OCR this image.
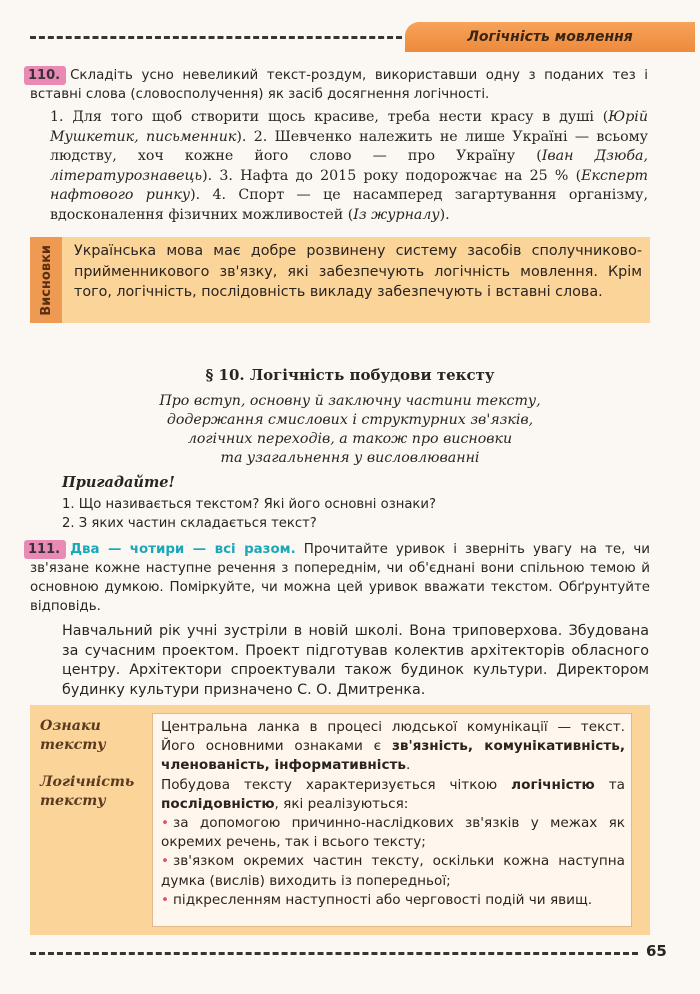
Логічність мовлення

110. Складіть усно невеликий текст-роздум, використавши одну з поданих тез і вставні слова (словосполучення) як засіб досягнення логічності.

1. Для того щоб створити щось красиве, треба нести красу в душі (Юрій Мушкетик, письменник). 2. Шевченко належить не лише Україні — всьому людству, хоч кожне його слово — про Україну (Іван Дзюба, літературознавець). 3. Нафта до 2015 року подорожчає на 25 % (Експерт нафтового ринку). 4. Спорт — це насамперед загартування організму, вдосконалення фізичних можливостей (Із журналу).

Висновки	Українська мова має добре розвинену систему засобів сполучниково-прийменникового зв'язку, які забезпечують логічність мовлення. Крім того, логічність, послідовність викладу забезпечують і вставні слова.
§ 10. Логічність побудови тексту
Про вступ, основну й заключну частини тексту,
додержання смислових і структурних зв'язків,
логічних переходів, а також про висновки
та узагальнення у висловлюванні
Пригадайте!
1. Що називається текстом? Які його основні ознаки?
2. З яких частин складається текст?

111. Два — чотири — всі разом. Прочитайте уривок і зверніть увагу на те, чи зв'язане кожне наступне речення з попереднім, чи об'єднані вони спільною темою й основною думкою. Поміркуйте, чи можна цей уривок вважати текстом. Обґрунтуйте відповідь.

Навчальний рік учні зустріли в новій школі. Вона триповерхова. Збудована за сучасним проектом. Проект підготував колектив архітекторів обласного центру. Архітектори спроектували також будинок культури. Директором будинку культури призначено С. О. Дмитренка.

Ознаки
тексту
Логічність
тексту
Центральна ланка в процесі людської комунікації — текст. Його основними ознаками є зв'язність, комунікативність, членованість, інформативність.
Побудова тексту характеризується чіткою логічністю та послідовністю, які реалізуються:
• за допомогою причинно-наслідкових зв'язків у межах як окремих речень, так і всього тексту;
• зв'язком окремих частин тексту, оскільки кожна наступна думка (вислів) виходить із попередньої;
• підкресленням наступності або черговості подій чи явищ.
65
